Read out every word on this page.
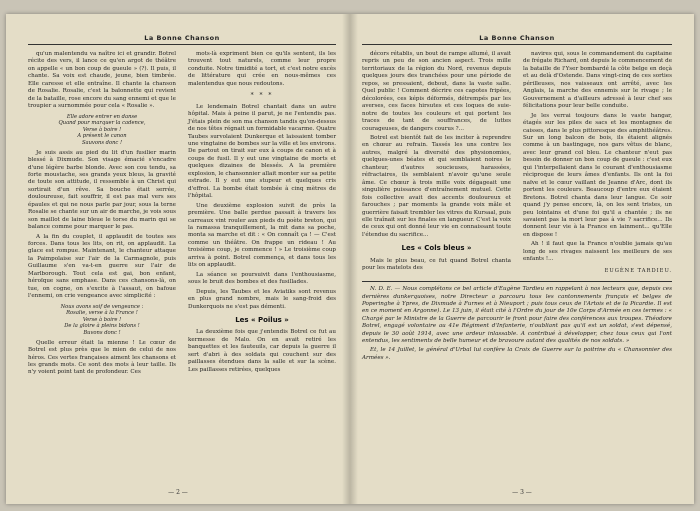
La Bonne Chanson

qu'un malentendu va naître ici et grandir. Botrel récite des vers, il lance ce qu'en argot de théâtre on appelle « un bon coup de gueule » (?). Il puis, il chante. Sa voix est chaude, jeune, bien timbrée. Elle caresse et elle entraîne. Il chante la chanson de Rosalie. Rosalie, c'est la baïonnette qui revient de la bataille, rose encore du sang ennemi et que le troupier a surnommée pour cela « Rosalie ».

Elle adore entrer en danse
Quand pour marquer la cadence,
Verse à boire !
A présent le canon
Sauvons donc !

Je suis assis au pied du lit d'un fusilier marin blessé à Dixmude. Son visage émacié s'encadre d'une légère barbe blonde. Avec son cou tendu, sa forte moustache, ses grands yeux bleus, la gravité de toute son attitude, il ressemble à un Christ qui sortirait d'un rêve. Sa bouche était serrée, douloureuse, fait souffrir, il est pas mal vers ses épaules et qui ne nous parle par jour, sous la terne Rosalie se chante sur un air de marche, je vois sous son maillot de laine bleue le torse du marin qui se balance comme pour marquer le pas.

A la fin du couplet, il applaudit de toutes ses forces. Dans tous les lits, on rit, on applaudit. La glace est rompue. Maintenant, le chanteur attaque la Paimpolaise sur l'air de la Carmagnole, puis Guillaume s'en va-t-en guerre sur l'air de Marlborough. Tout cela est gai, bon enfant, héroïque sans emphase. Dans ces chansons-là, on tue, on cogne, on s'excite à l'assaut, on bafoue l'ennemi, on crie vengeance avec simplicité :

Nous avons soif de vengeance :
Rosalie, verse à la France !
Verse à boire !
De la gloire à pleins bidons !
Buvons donc !

Quelle erreur était la mienne ! Le cœur de Botrel est plus près que le mien de celui de nos héros. Ces vertes françaises aiment les chansons et les grands mots. Ce sont des mots à leur taille. Ils n'y voient point tant de profondeur. Ces

mots-là expriment bien ce qu'ils sentent, ils les trouvent tout naturels, comme leur propre conduite. Notre timidité a tort, et c'est notre excès de littérature qui crée en nous-mêmes ces malentendus que nous redoutons.

* * *

Le lendemain Botrel chantait dans un autre hôpital. Mais à peine il parut, je ne l'entendis pas. J'étais plein de son ma chanson tandis qu'on-dessus de nos têtes régnait un formidable vacarme. Quatre Taubes survolaient Dunkerque et laissaient tomber une vingtaine de bombes sur la ville et les environs. De partout on tirait sur eux à coups de canon et à coups de fusil. Il y eut une vingtaine de morts et quelques dizaines de blessés. A la première explosion, le chansonnier allait monter sur sa petite estrade. Il y eut une stupeur et quelques cris d'effroi. La bombe était tombée à cinq mètres de l'hôpital.

Une deuxième explosion suivit de près la première. Une balle perdue passait à travers les carreaux vint rouler aux pieds du poète breton, qui la ramassa tranquillement, la mit dans sa poche, monta sa marche et dit : « On connaît ça ! — C'est comme un théâtre. On frappe un rideau ! Au troisième coup, je commence ! » Le troisième coup arriva à point. Botrel commença, et dans tous les lits on applaudit.

La séance se poursuivit dans l'enthousiasme, sous le bruit des bombes et des fusillades.

Depuis, les Taubes et les Aviatiks sont revenus en plus grand nombre, mais le sang-froid des Dunkerquois ne s'est pas démenti.

Les « Poilus »

La deuxième fois que j'entendis Botrel ce fut au kermesse de Malo. On en avait retiré les banquettes et les fauteuils, car depuis la guerre il sert d'abri à des soldats qui couchent sur des paillasses étendues dans la salle et sur la scène. Les paillasses retirées, quelques

— 2 —
La Bonne Chanson

décors rétablis, un bout de rampe allumé, il avait repris un peu de son ancien aspect. Trois mille territoriaux de la région du Nord, revenus depuis quelques jours des tranchées pour une période de repos, se pressaient, debout, dans la vaste salle. Quel public ! Comment décrire ces capotes fripées, décolorées, ces képis déformés, détrempés par les averses, ces faces hirsutes et ces loques de suie-notre de toutes les couleurs et qui portent les traces de tant de souffrances, de luttes courageuses, de dangers courus ?...

Botrel est bientôt fait de les inciter à reprendre en chœur au refrain. Tassés les uns contre les autres, malgré la diversité des physionomies, quelques-unes béates et qui semblaient noires le chanteur, d'autres soucieuses, harassées, réfractaires, ils semblaient n'avoir qu'une seule âme. Ce chœur à trois mille voix dégageait une singulière puissance d'entraînement mutuel. Cette fois collective avait des accents douloureux et farouches ; par moments la grande voix mâle et guerrière faisait trembler les vitres du Kursaal, puis elle traînait sur les finales en langueur. C'est la voix de ceux qui ont donné leur vie en connaissant toute l'étendue du sacrifice...

Les « Cols bleus »

Mais le plus beau, ce fut quand Botrel chanta pour les matelots des

navires qui, sous le commandement du capitaine de frégate Richard, ont depuis le commencement de la bataille de l'Yser bombardé la côte belge en deçà et au delà d'Ostende. Dans vingt-cinq de ces sorties périlleuses, nos vaisseaux ont arrêté, avec les Anglais, la marche des ennemis sur le rivage ; le Gouvernement a d'ailleurs adressé à leur chef ses félicitations pour leur belle conduite.

Je les verrai toujours dans le vaste hangar, étagés sur les piles de sacs et les montagnes de caisses, dans le plus pittoresque des amphithéâtres. Sur un long balcon de bois, ils étaient alignés comme à un bastingage, nos gars vêtus de blanc, avec leur grand col bleu. Le chanteur n'eut pas besoin de donner un bon coup de gueule : c'est eux qui l'interpellaient dans le courant d'enthousiasme réciproque de leurs âmes d'enfants. Ils ont la foi naïve et le cœur vaillant de Jeanne d'Arc, dont ils portent les couleurs. Beaucoup d'entre eux étaient Bretons. Botrel chanta dans leur langue. Ce soir quand j'y pense encore, là, on les sent tristes, un peu lointains et d'une foi qu'il a chantée ; ils ne savaient pas la mort leur pas à vie ? sacrifice... Ils donnent leur vie à la France en lainment... qu'Elle en dispose !

Ah ! il faut que la France n'oublie jamais qu'au long de ses rivages naissent les meilleurs de ses enfants !...

EUGÈNE TARDIEU.

N. D. E. — Nous complétons ce bel article d'Eugène Tardieu en rappelant à nos lecteurs que, depuis ces dernières dunkerquoises, notre Directeur a parcouru tous les cantonnements français et belges de Poperinghe à Ypres, de Dixmude à Furnes et à Nieuport ; puis tous ceux de l'Artois et de la Picardie. Il est en ce moment en Argonne). Le 13 juin, il était cité à l'Ordre du jour de 10e Corps d'Armée en ces termes : « Chargé par le Ministre de la Guerre de parcourir le front pour faire des conférences aux troupes. Théodore Botrel, engagé volontaire au 41e Régiment d'Infanterie, n'oubliant pas qu'il est un soldat, s'est dépensé, depuis le 30 août 1914, avec une ardeur inlassable. A contribué à développer, chez tous ceux qui l'ont entendus, les sentiments de belle humeur et de bravoure autant des qualités de nos soldats. »

Et, le 14 Juillet, le général d'Urbal lui confère la Croix de Guerre sur la poitrine du « Chansonnier des Armées ».

— 3 —
